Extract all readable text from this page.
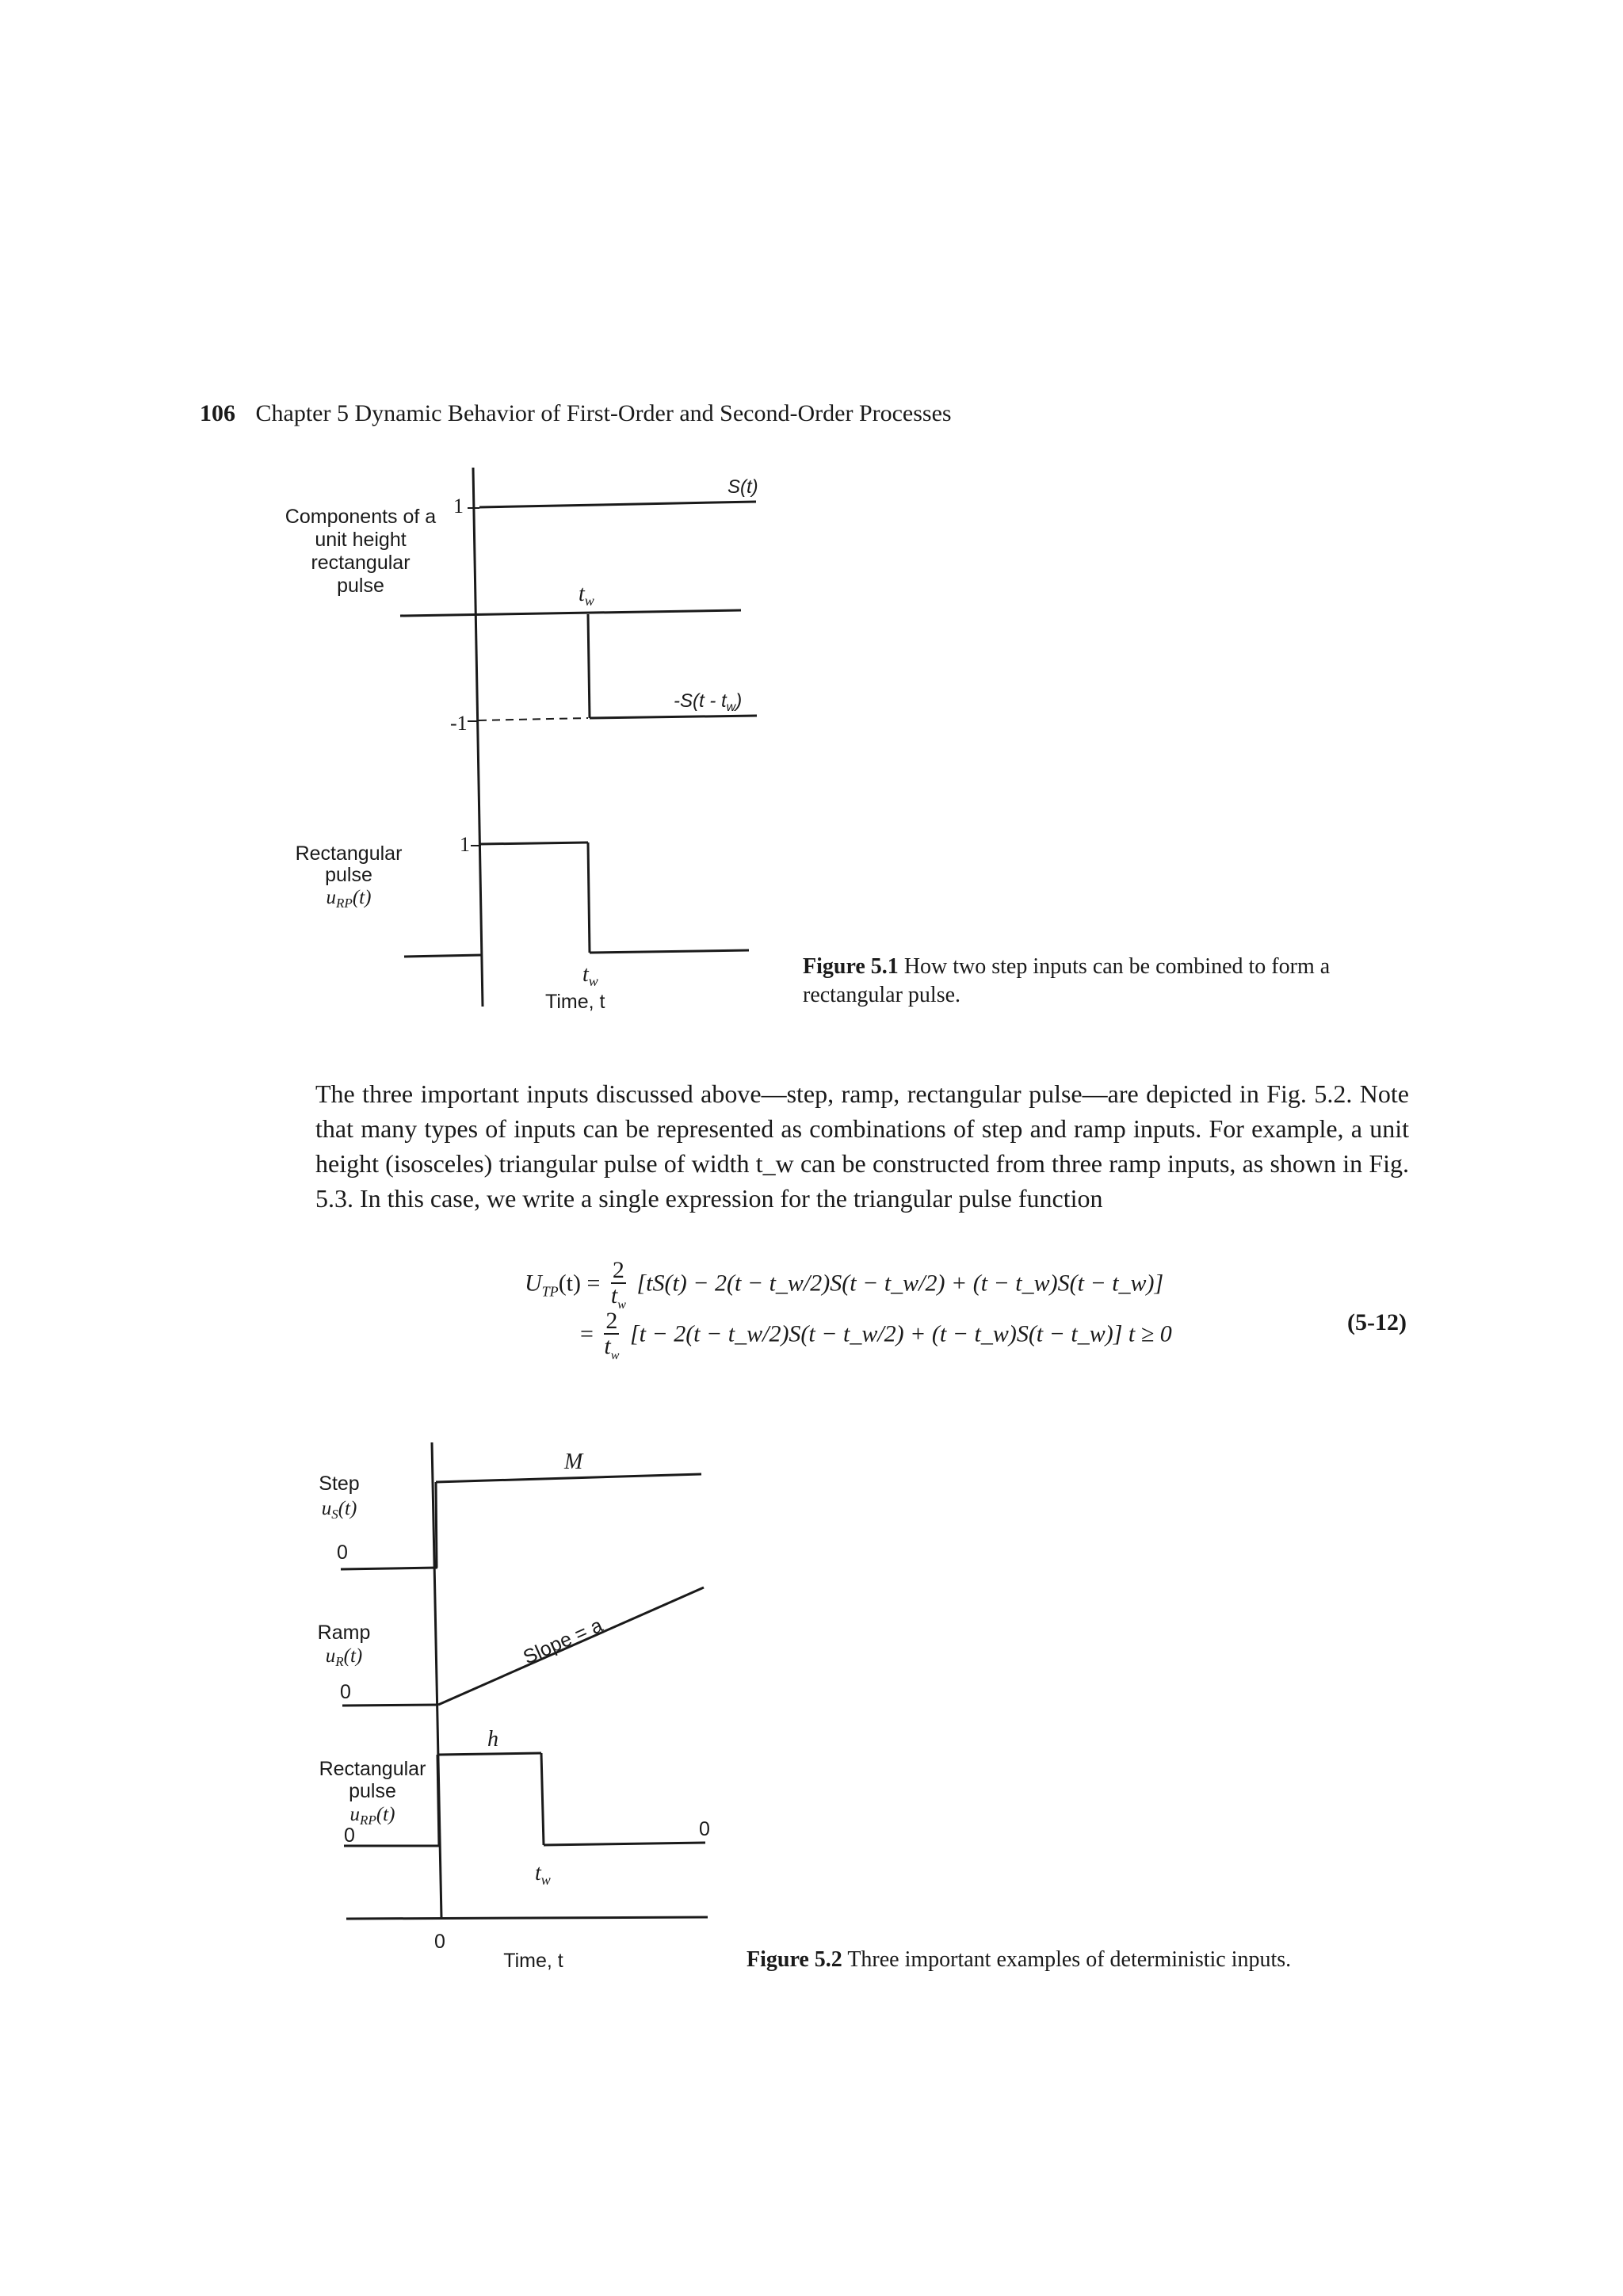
106 Chapter 5 Dynamic Behavior of First-Order and Second-Order Processes
Components of a
unit height
rectangular
pulse
Rectangular
pulse
$u_{RP}(t)$
1
-1
1
S(t)
$-S(t - t_w)$
$t_w$
$t_w$
Time, t
Figure 5.1 How two step inputs can be combined to form a rectangular pulse.
The three important inputs discussed above—step, ramp, rectangular pulse—are depicted in Fig. 5.2. Note that many types of inputs can be represented as combinations of step and ramp inputs. For example, a unit height (isosceles) triangular pulse of width t_w can be constructed from three ramp inputs, as shown in Fig. 5.3. In this case, we write a single expression for the triangular pulse function
$U_{TP}(t) = \frac{2}{t_w} [tS(t) - 2(t$ − t_w/2)S(t − t_w/2) + (t − t_w)S(t − t_w)]
= $\frac{2}{t_w} [t - 2(t$ − t_w/2)S(t − t_w/2) + (t − t_w)S(t − t_w)] t ≥ 0	(5-12)
Step
$u_S(t)$
0
Ramp
$u_R(t)$
0
Rectangular
pulse
$u_{RP}(t)$
0	0
0
Time, t
M
h
$t_w$
Slope = a
Figure 5.2 Three important examples of deterministic inputs.
